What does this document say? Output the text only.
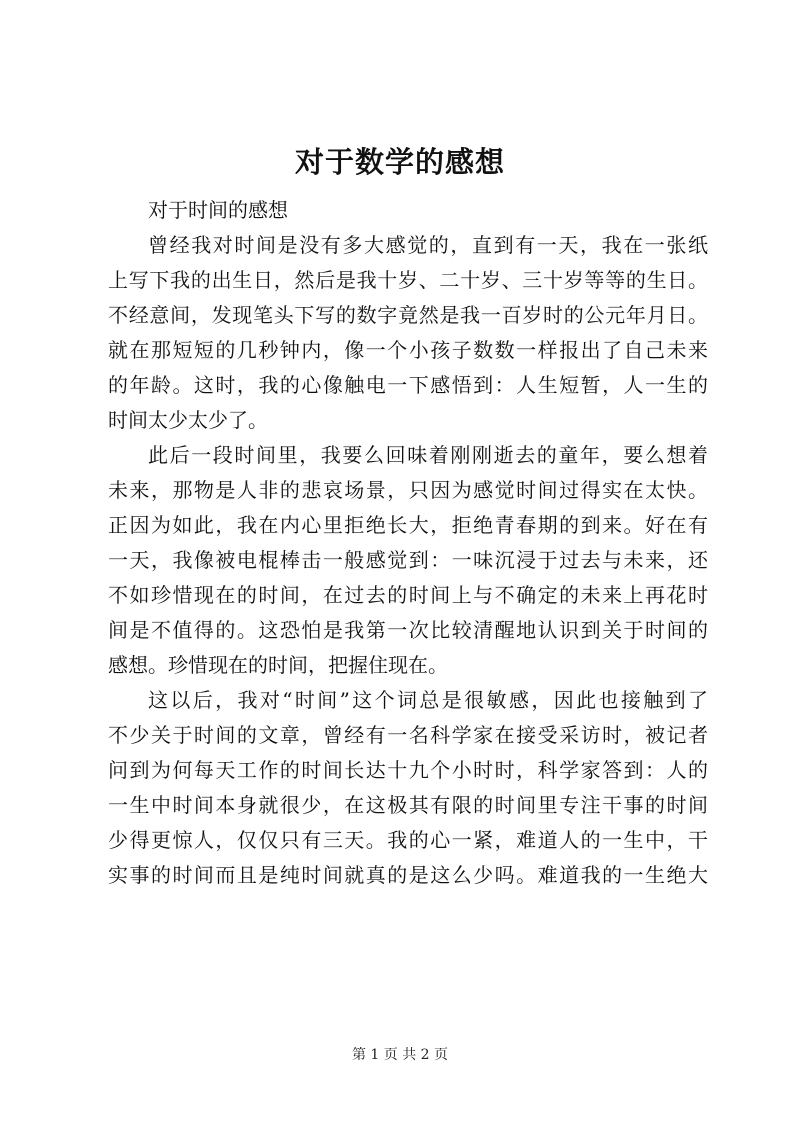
对于数学的感想

对于时间的感想

曾经我对时间是没有多大感觉的，直到有一天，我在一张纸
上写下我的出生日，然后是我十岁、二十岁、三十岁等等的生日。
不经意间，发现笔头下写的数字竟然是我一百岁时的公元年月日。
就在那短短的几秒钟内，像一个小孩子数数一样报出了自己未来
的年龄。这时，我的心像触电一下感悟到：人生短暂，人一生的
时间太少太少了。
此后一段时间里，我要么回味着刚刚逝去的童年，要么想着
未来，那物是人非的悲哀场景，只因为感觉时间过得实在太快。
正因为如此，我在内心里拒绝长大，拒绝青春期的到来。好在有
一天，我像被电棍棒击一般感觉到：一味沉浸于过去与未来，还
不如珍惜现在的时间，在过去的时间上与不确定的未来上再花时
间是不值得的。这恐怕是我第一次比较清醒地认识到关于时间的
感想。珍惜现在的时间，把握住现在。
这以后，我对“时间”这个词总是很敏感，因此也接触到了
不少关于时间的文章，曾经有一名科学家在接受采访时，被记者
问到为何每天工作的时间长达十九个小时时，科学家答到：人的
一生中时间本身就很少，在这极其有限的时间里专注干事的时间
少得更惊人，仅仅只有三天。我的心一紧，难道人的一生中，干
实事的时间而且是纯时间就真的是这么少吗。难道我的一生绝大
第 1 页 共 2 页
